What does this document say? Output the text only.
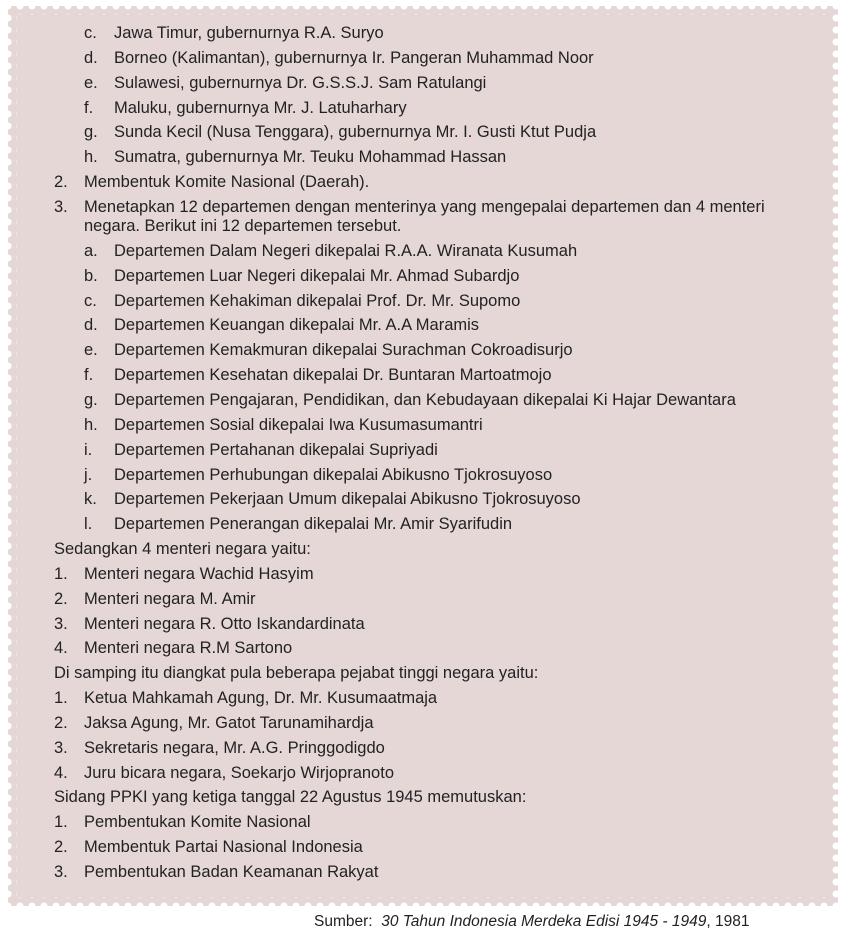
c.	Jawa Timur, gubernurnya R.A. Suryo
d. Borneo (Kalimantan), gubernurnya Ir. Pangeran Muhammad Noor
e. Sulawesi, gubernurnya Dr. G.S.S.J. Sam Ratulangi
f.	Maluku, gubernurnya Mr. J. Latuharhary
g. Sunda Kecil (Nusa Tenggara), gubernurnya Mr. I. Gusti Ktut Pudja
h. Sumatra, gubernurnya Mr. Teuku Mohammad Hassan
2. Membentuk Komite Nasional (Daerah).
3. Menetapkan 12 departemen dengan menterinya yang mengepalai departemen dan 4 menteri negara. Berikut ini 12 departemen tersebut.
a. Departemen Dalam Negeri dikepalai R.A.A. Wiranata Kusumah
b. Departemen Luar Negeri dikepalai Mr. Ahmad Subardjo
c.	Departemen Kehakiman dikepalai Prof. Dr. Mr. Supomo
d. Departemen Keuangan dikepalai Mr. A.A Maramis
e. Departemen Kemakmuran dikepalai Surachman Cokroadisurjo
f.	Departemen Kesehatan dikepalai Dr. Buntaran Martoatmojo
g. Departemen Pengajaran, Pendidikan, dan Kebudayaan dikepalai Ki Hajar Dewantara
h. Departemen Sosial dikepalai Iwa Kusumasumantri
i.	Departemen Pertahanan dikepalai Supriyadi
j.	Departemen Perhubungan dikepalai Abikusno Tjokrosuyoso
k.	Departemen Pekerjaan Umum dikepalai Abikusno Tjokrosuyoso
l.	Departemen Penerangan dikepalai Mr. Amir Syarifudin
Sedangkan 4 menteri negara yaitu:
1. Menteri negara Wachid Hasyim
2. Menteri negara M. Amir
3. Menteri negara R. Otto Iskandardinata
4. Menteri negara R.M Sartono
Di samping itu diangkat pula beberapa pejabat tinggi negara yaitu:
1. Ketua Mahkamah Agung, Dr. Mr. Kusumaatmaja
2. Jaksa Agung, Mr. Gatot Tarunamihardja
3. Sekretaris negara, Mr. A.G. Pringgodigdo
4. Juru bicara negara, Soekarjo Wirjopranoto
Sidang PPKI yang ketiga tanggal 22 Agustus 1945 memutuskan:
1. Pembentukan Komite Nasional
2. Membentuk Partai Nasional Indonesia
3. Pembentukan Badan Keamanan Rakyat
Sumber: 30 Tahun Indonesia Merdeka Edisi 1945 - 1949, 1981
